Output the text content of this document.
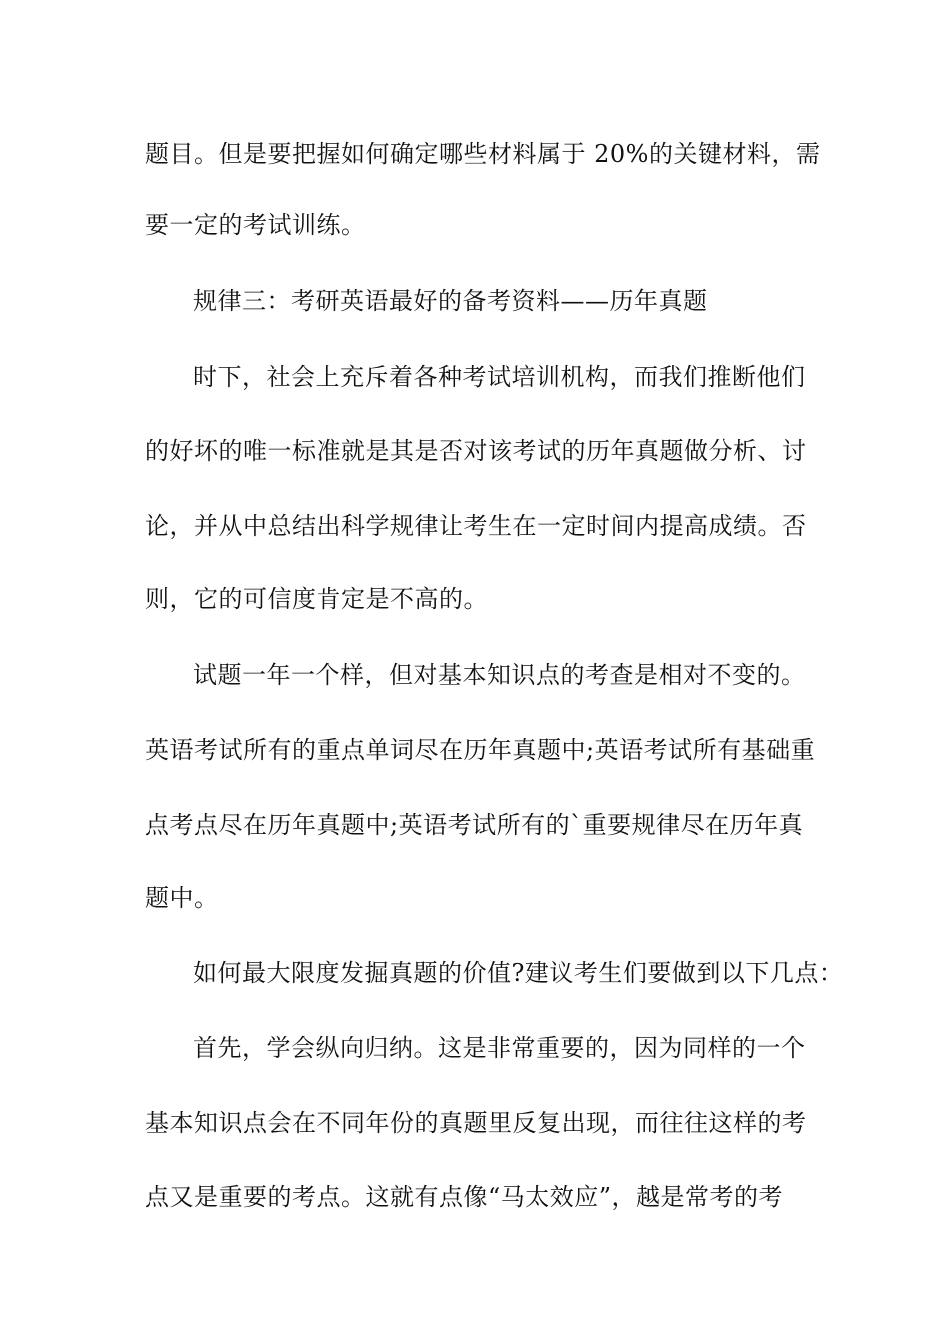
题目。但是要把握如何确定哪些材料属于 20%的关键材料，需
要一定的考试训练。
规律三：考研英语最好的备考资料——历年真题
时下，社会上充斥着各种考试培训机构，而我们推断他们
的好坏的唯一标准就是其是否对该考试的历年真题做分析、讨
论，并从中总结出科学规律让考生在一定时间内提高成绩。否
则，它的可信度肯定是不高的。
试题一年一个样，但对基本知识点的考查是相对不变的。
英语考试所有的重点单词尽在历年真题中;英语考试所有基础重
点考点尽在历年真题中;英语考试所有的`重要规律尽在历年真
题中。
如何最大限度发掘真题的价值?建议考生们要做到以下几点：
首先，学会纵向归纳。这是非常重要的，因为同样的一个
基本知识点会在不同年份的真题里反复出现，而往往这样的考
点又是重要的考点。这就有点像“马太效应”，越是常考的考
